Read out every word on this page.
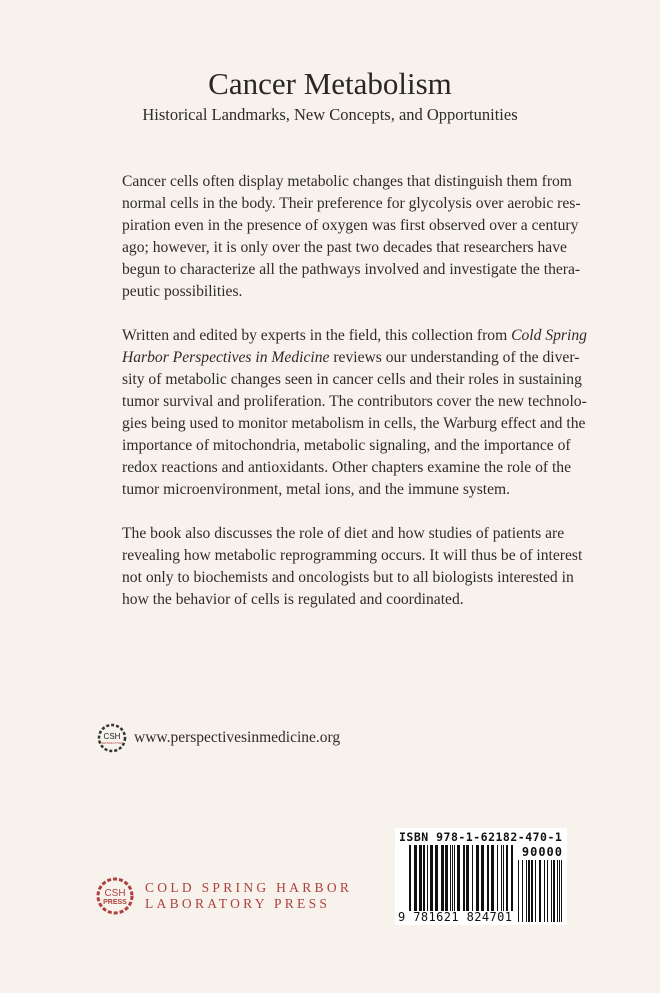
Cancer Metabolism
Historical Landmarks, New Concepts, and Opportunities
Cancer cells often display metabolic changes that distinguish them from
normal cells in the body. Their preference for glycolysis over aerobic res-
piration even in the presence of oxygen was first observed over a century
ago; however, it is only over the past two decades that researchers have
begun to characterize all the pathways involved and investigate the thera-
peutic possibilities.
Written and edited by experts in the field, this collection from Cold Spring
Harbor Perspectives in Medicine reviews our understanding of the diver-
sity of metabolic changes seen in cancer cells and their roles in sustaining
tumor survival and proliferation. The contributors cover the new technolo-
gies being used to monitor metabolism in cells, the Warburg effect and the
importance of mitochondria, metabolic signaling, and the importance of
redox reactions and antioxidants. Other chapters examine the role of the
tumor microenvironment, metal ions, and the immune system.
The book also discusses the role of diet and how studies of patients are
revealing how metabolic reprogramming occurs. It will thus be of interest
not only to biochemists and oncologists but to all biologists interested in
how the behavior of cells is regulated and coordinated.
CSH
PERSPECTIVES www.perspectivesinmedicine.org
CSH
PRESS
COLD SPRING HARBOR
LABORATORY PRESS
ISBN 978-1-62182-470-1
90000
9 781621 824701
